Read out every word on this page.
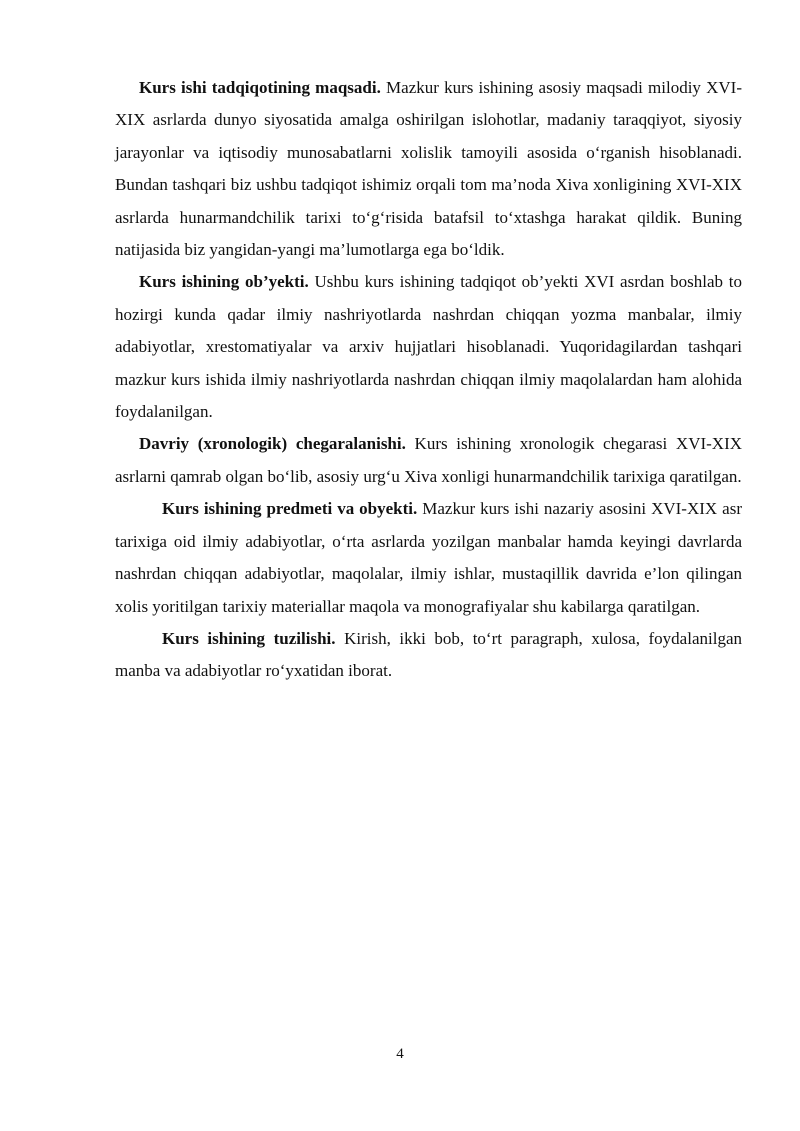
Kurs ishi tadqiqotining maqsadi. Mazkur kurs ishining asosiy maqsadi milodiy XVI-XIX asrlarda dunyo siyosatida amalga oshirilgan islohotlar, madaniy taraqqiyot, siyosiy jarayonlar va iqtisodiy munosabatlarni xolislik tamoyili asosida o‘rganish hisoblanadi. Bundan tashqari biz ushbu tadqiqot ishimiz orqali tom ma’noda Xiva xonligining XVI-XIX asrlarda hunarmandchilik tarixi to‘g‘risida batafsil to‘xtashga harakat qildik. Buning natijasida biz yangidan-yangi ma’lumotlarga ega bo‘ldik.

Kurs ishining ob’yekti. Ushbu kurs ishining tadqiqot ob’yekti XVI asrdan boshlab to hozirgi kunda qadar ilmiy nashriyotlarda nashrdan chiqqan yozma manbalar, ilmiy adabiyotlar, xrestomatiyalar va arxiv hujjatlari hisoblanadi. Yuqoridagilardan tashqari mazkur kurs ishida ilmiy nashriyotlarda nashrdan chiqqan ilmiy maqolalardan ham alohida foydalanilgan.

Davriy (xronologik) chegaralanishi. Kurs ishining xronologik chegarasi XVI-XIX asrlarni qamrab olgan bo‘lib, asosiy urg‘u Xiva xonligi hunarmandchilik tarixiga qaratilgan.

Kurs ishining predmeti va obyekti. Mazkur kurs ishi nazariy asosini XVI-XIX asr tarixiga oid ilmiy adabiyotlar, o‘rta asrlarda yozilgan manbalar hamda keyingi davrlarda nashrdan chiqqan adabiyotlar, maqolalar, ilmiy ishlar, mustaqillik davrida e’lon qilingan xolis yoritilgan tarixiy materiallar maqola va monografiyalar shu kabilarga qaratilgan.

Kurs ishining tuzilishi. Kirish, ikki bob, to‘rt paragraph, xulosa, foydalanilgan manba va adabiyotlar ro‘yxatidan iborat.

4
